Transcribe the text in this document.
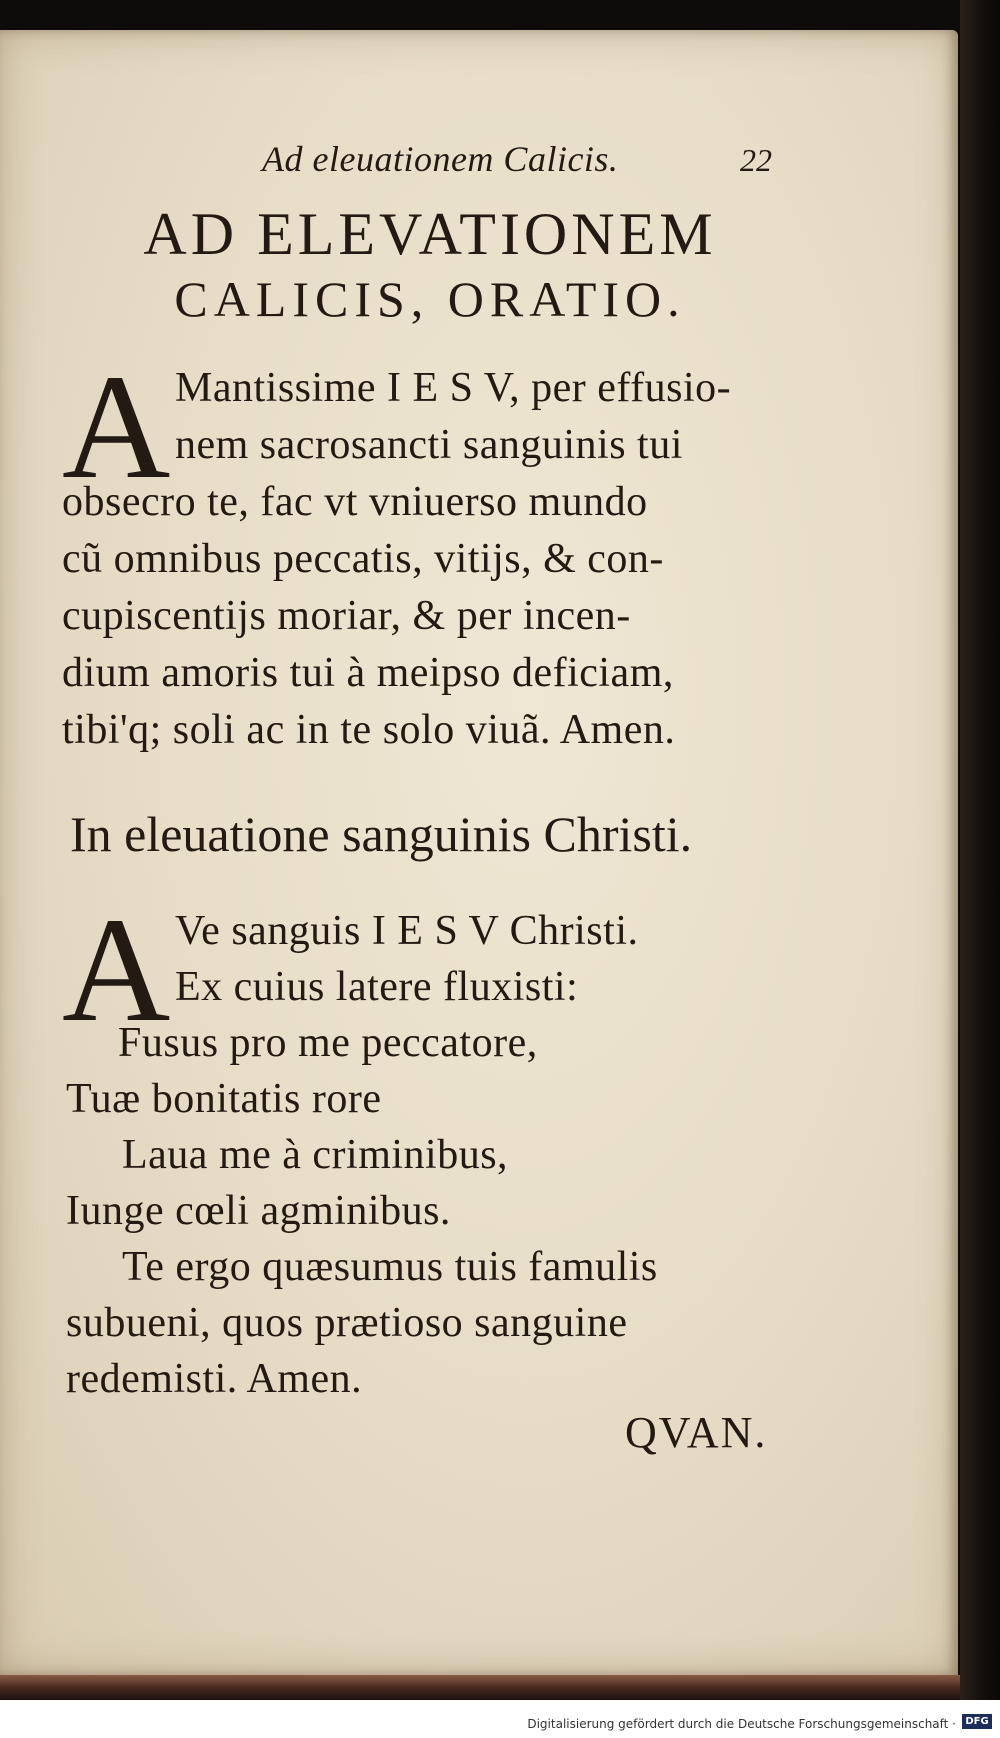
Ad eleuationem Calicis.	22
AD ELEVATIONEM
CALICIS, ORATIO.
A Mantissime I E S V, per effusio-
nem sacrosancti sanguinis tui
obsecro te, fac vt vniuerso mundo
cũ omnibus peccatis, vitijs, & con-
cupiscentijs moriar, & per incen-
dium amoris tui à meipso deficiam,
tibi'q; soli ac in te solo viuã. Amen.
In eleuatione sanguinis Christi.
A Ve sanguis I E S V Christi.
Ex cuius latere fluxisti:
Fusus pro me peccatore,
Tuæ bonitatis rore
Laua me à criminibus,
Iunge cœli agminibus.
Te ergo quæsumus tuis famulis
subueni, quos prætioso sanguine
redemisti. Amen.
QVAN.
Digitalisierung gefördert durch die Deutsche Forschungsgemeinschaft · DFG
